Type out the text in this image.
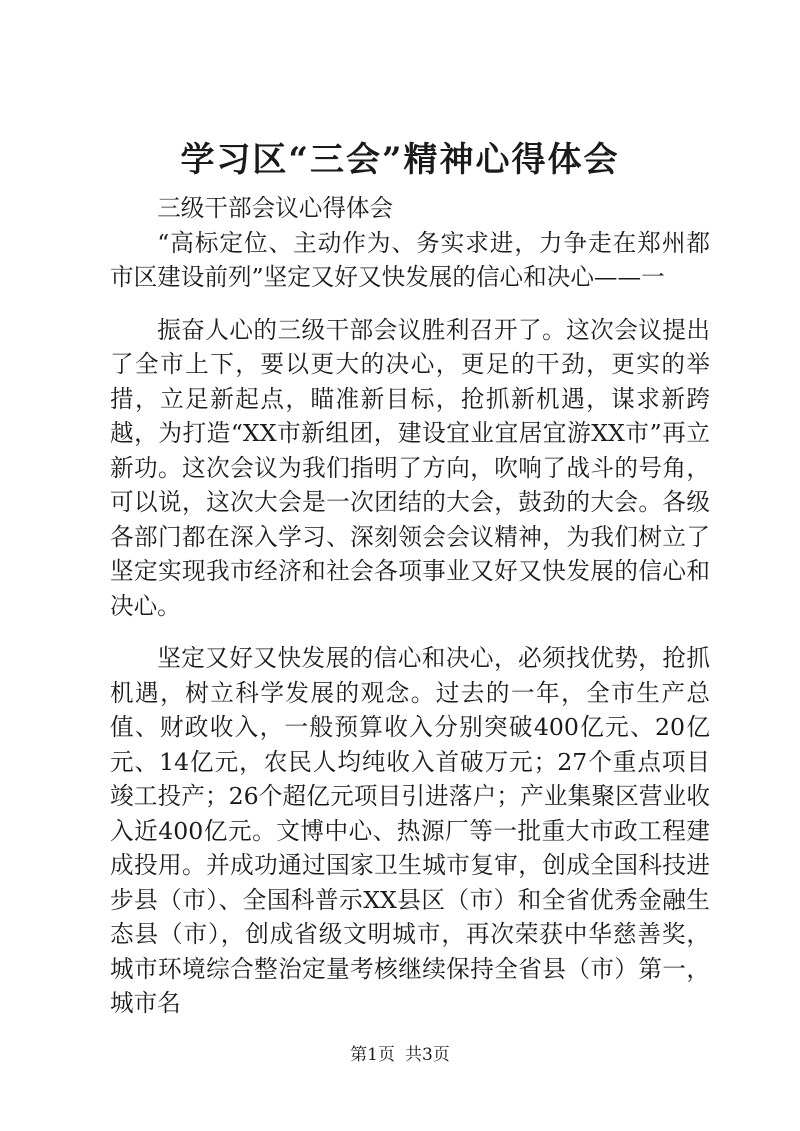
学习区“三会”精神心得体会

三级干部会议心得体会

“高标定位、主动作为、务实求进，力争走在郑州都市区建设前列”坚定又好又快发展的信心和决心——一

振奋人心的三级干部会议胜利召开了。这次会议提出了全市上下，要以更大的决心，更足的干劲，更实的举措，立足新起点，瞄准新目标，抢抓新机遇，谋求新跨越，为打造“XX市新组团，建设宜业宜居宜游XX市”再立新功。这次会议为我们指明了方向，吹响了战斗的号角，可以说，这次大会是一次团结的大会，鼓劲的大会。各级各部门都在深入学习、深刻领会会议精神，为我们树立了坚定实现我市经济和社会各项事业又好又快发展的信心和决心。

坚定又好又快发展的信心和决心，必须找优势，抢抓机遇，树立科学发展的观念。过去的一年，全市生产总值、财政收入，一般预算收入分别突破400亿元、20亿元、14亿元，农民人均纯收入首破万元；27个重点项目竣工投产；26个超亿元项目引进落户；产业集聚区营业收入近400亿元。文博中心、热源厂等一批重大市政工程建成投用。并成功通过国家卫生城市复审，创成全国科技进步县（市）、全国科普示XX县区（市）和全省优秀金融生态县（市），创成省级文明城市，再次荣获中华慈善奖，城市环境综合整治定量考核继续保持全省县（市）第一，城市名

第1页 共3页
